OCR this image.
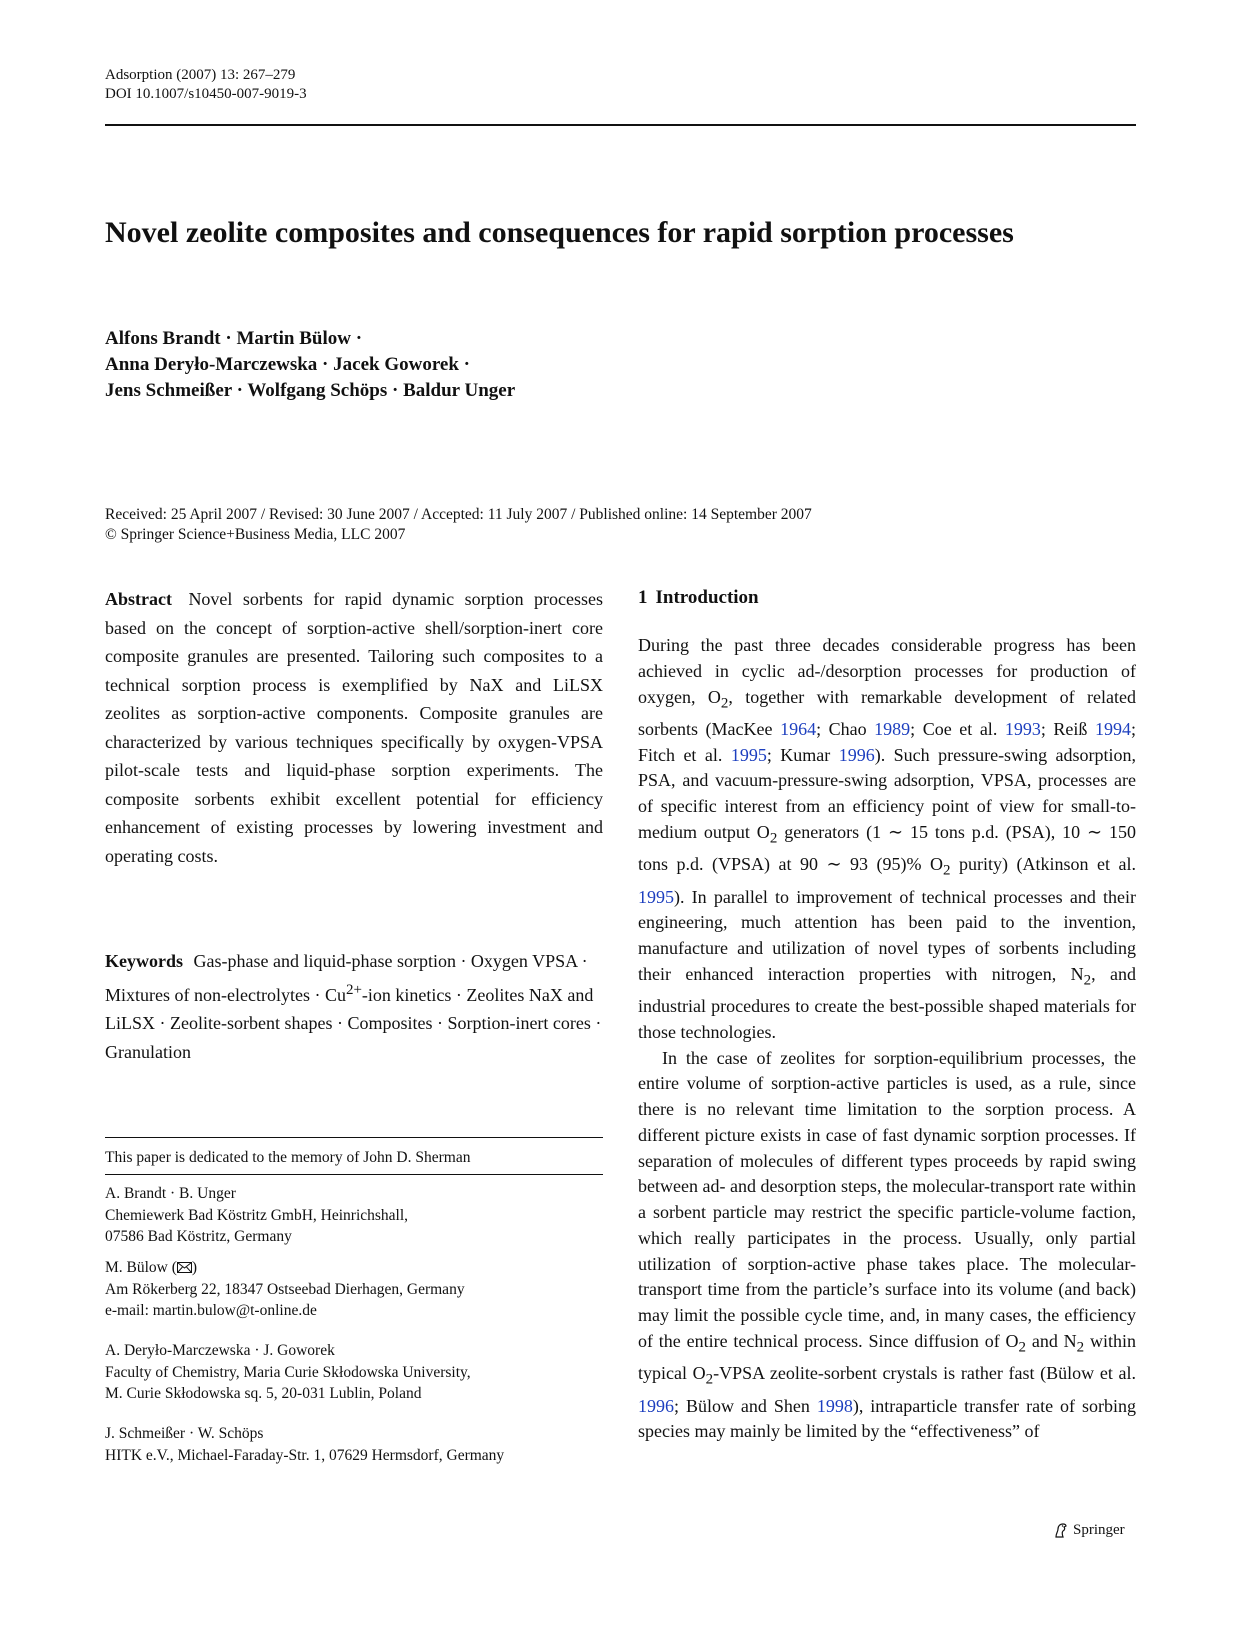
Adsorption (2007) 13: 267–279
DOI 10.1007/s10450-007-9019-3
Novel zeolite composites and consequences for rapid sorption processes
Alfons Brandt · Martin Bülow ·
Anna Deryło-Marczewska · Jacek Goworek ·
Jens Schmeißer · Wolfgang Schöps · Baldur Unger
Received: 25 April 2007 / Revised: 30 June 2007 / Accepted: 11 July 2007 / Published online: 14 September 2007
© Springer Science+Business Media, LLC 2007
Abstract Novel sorbents for rapid dynamic sorption processes based on the concept of sorption-active shell/sorption-inert core composite granules are presented. Tailoring such composites to a technical sorption process is exemplified by NaX and LiLSX zeolites as sorption-active components. Composite granules are characterized by various techniques specifically by oxygen-VPSA pilot-scale tests and liquid-phase sorption experiments. The composite sorbents exhibit excellent potential for efficiency enhancement of existing processes by lowering investment and operating costs.
Keywords Gas-phase and liquid-phase sorption · Oxygen VPSA · Mixtures of non-electrolytes · $Cu^{2+}$-ion kinetics · Zeolites NaX and LiLSX · Zeolite-sorbent shapes · Composites · Sorption-inert cores · Granulation
This paper is dedicated to the memory of John D. Sherman
A. Brandt · B. Unger
Chemiewerk Bad Köstritz GmbH, Heinrichshall,
07586 Bad Köstritz, Germany
M. Bülow ( )
Am Rökerberg 22, 18347 Ostseebad Dierhagen, Germany
e-mail: martin.bulow@t-online.de
A. Deryło-Marczewska · J. Goworek
Faculty of Chemistry, Maria Curie Skłodowska University,
M. Curie Skłodowska sq. 5, 20-031 Lublin, Poland
J. Schmeißer · W. Schöps
HITK e.V., Michael-Faraday-Str. 1, 07629 Hermsdorf, Germany
1 Introduction

During the past three decades considerable progress has been achieved in cyclic ad-/desorption processes for production of oxygen, $O_2$, together with remarkable development of related sorbents (MacKee 1964; Chao 1989; Coe et al. 1993; Reiß 1994; Fitch et al. 1995; Kumar 1996). Such pressure-swing adsorption, PSA, and vacuum-pressure-swing adsorption, VPSA, processes are of specific interest from an efficiency point of view for small-to-medium output $O_2$ generators (1 ∼ 15 tons p.d. (PSA), 10 ∼ 150 tons p.d. (VPSA) at 90 ∼ 93 (95)% $O_2$ purity) (Atkinson et al. 1995). In parallel to improvement of technical processes and their engineering, much attention has been paid to the invention, manufacture and utilization of novel types of sorbents including their enhanced interaction properties with nitrogen, $N_2$, and industrial procedures to create the best-possible shaped materials for those technologies.

In the case of zeolites for sorption-equilibrium processes, the entire volume of sorption-active particles is used, as a rule, since there is no relevant time limitation to the sorption process. A different picture exists in case of fast dynamic sorption processes. If separation of molecules of different types proceeds by rapid swing between ad- and desorption steps, the molecular-transport rate within a sorbent particle may restrict the specific particle-volume faction, which really participates in the process. Usually, only partial utilization of sorption-active phase takes place. The molecular-transport time from the particle’s surface into its volume (and back) may limit the possible cycle time, and, in many cases, the efficiency of the entire technical process. Since diffusion of $O_2$ and $N_2$ within typical $O_2$-VPSA zeolite-sorbent crystals is rather fast (Bülow et al. 1996; Bülow and Shen 1998), intraparticle transfer rate of sorbing species may mainly be limited by the “effectiveness” of

Springer
